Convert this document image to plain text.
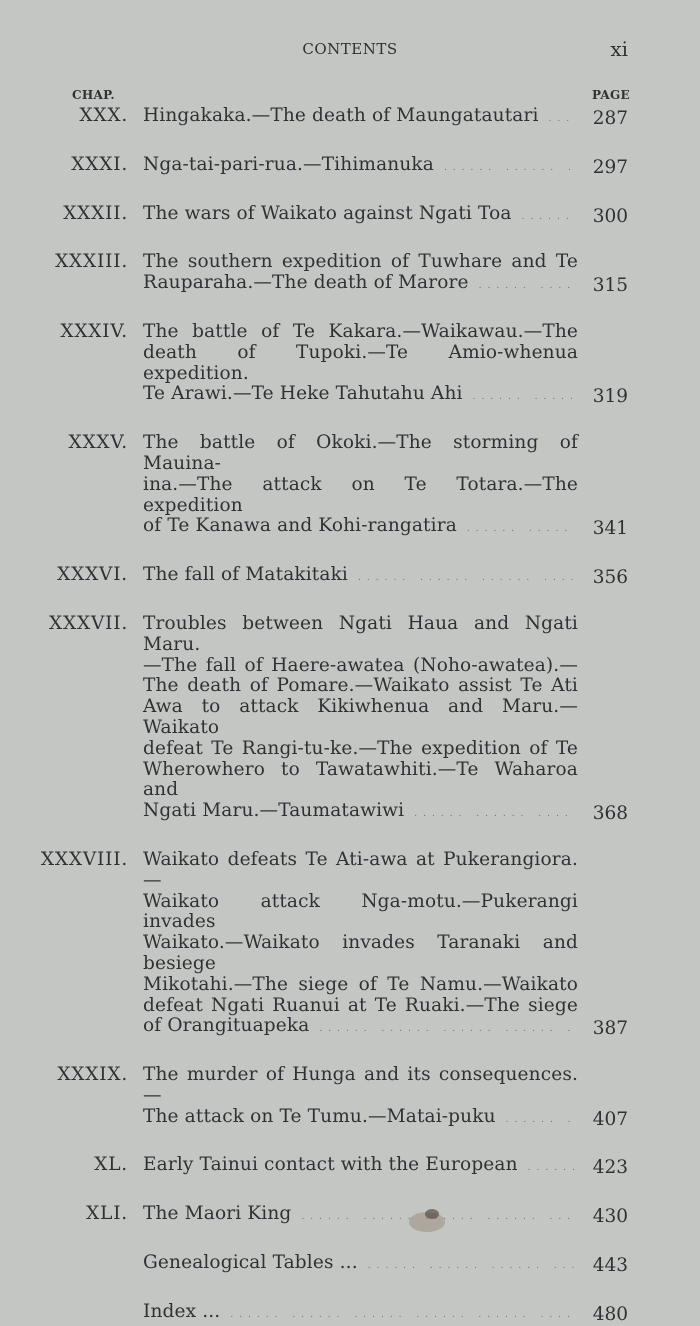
CONTENTS	xi
CHAP.	PAGE
XXX. Hingakaka.—The death of Maungatautari .....	287
XXXI. Nga-tai-pari-rua.—Tihimanuka .....	297
XXXII. The wars of Waikato against Ngati Toa .....	300
XXXIII. The southern expedition of Tuwhare and Te
Rauparaha.—The death of Marore .....	315
XXXIV. The battle of Te Kakara.—Waikawau.—The
death of Tupoki.—Te Amio-whenua expedition.
Te Arawi.—Te Heke Tahutahu Ahi .....	319
XXXV. The battle of Okoki.—The storming of Mauina-
ina.—The attack on Te Totara.—The expedition
of Te Kanawa and Kohi-rangatira .....	341
XXXVI. The fall of Matakitaki .....	356
XXXVII. Troubles between Ngati Haua and Ngati Maru.
—The fall of Haere-awatea (Noho-awatea).—
The death of Pomare.—Waikato assist Te Ati
Awa to attack Kikiwhenua and Maru.—Waikato
defeat Te Rangi-tu-ke.—The expedition of Te
Wherowhero to Tawatawhiti.—Te Waharoa and
Ngati Maru.—Taumatawiwi .....	368
XXXVIII. Waikato defeats Te Ati-awa at Pukerangiora.—
Waikato attack Nga-motu.—Pukerangi invades
Waikato.—Waikato invades Taranaki and besiege
Mikotahi.—The siege of Te Namu.—Waikato
defeat Ngati Ruanui at Te Ruaki.—The siege
of Orangituapeka .....	387
XXXIX. The murder of Hunga and its consequences.—
The attack on Te Tumu.—Matai-puku .....	407
XL. Early Tainui contact with the European .....	423
XLI. The Maori King .....	430
Genealogical Tables ... .....	443
Index ... .....	480
